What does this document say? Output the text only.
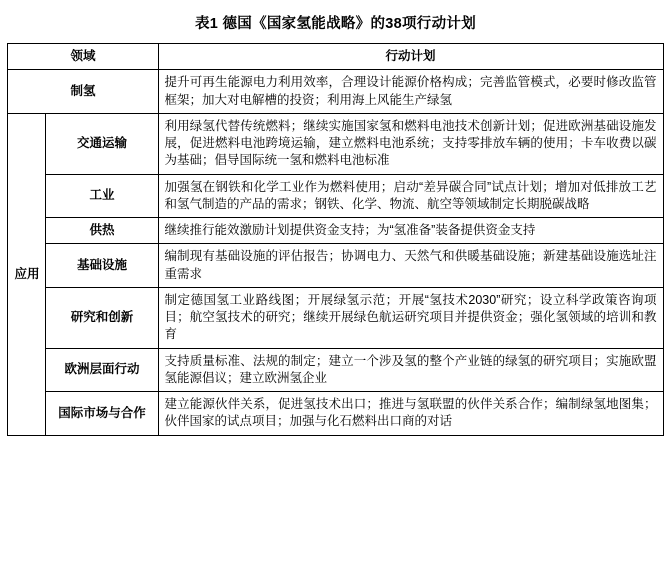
表1 德国《国家氢能战略》的38项行动计划
领域		行动计划
制氢		提升可再生能源电力利用效率，合理设计能源价格构成；完善监管模式，必要时修改监管框架；加大对电解槽的投资；利用海上风能生产绿氢
应用	交通运输	利用绿氢代替传统燃料；继续实施国家氢和燃料电池技术创新计划；促进欧洲基础设施发展，促进燃料电池跨境运输，建立燃料电池系统；支持零排放车辆的使用；卡车收费以碳为基础；倡导国际统一氢和燃料电池标准
	工业	加强氢在钢铁和化学工业作为燃料使用；启动“差异碳合同”试点计划；增加对低排放工艺和氢气制造的产品的需求；钢铁、化学、物流、航空等领域制定长期脱碳战略
	供热	继续推行能效激励计划提供资金支持；为“氢准备”装备提供资金支持
	基础设施	编制现有基础设施的评估报告；协调电力、天然气和供暖基础设施；新建基础设施选址注重需求
	研究和创新	制定德国氢工业路线图；开展绿氢示范；开展“氢技术2030”研究；设立科学政策咨询项目；航空氢技术的研究；继续开展绿色航运研究项目并提供资金；强化氢领域的培训和教育
	欧洲层面行动	支持质量标准、法规的制定；建立一个涉及氢的整个产业链的绿氢的研究项目；实施欧盟氢能源倡议；建立欧洲氢企业
	国际市场与合作	建立能源伙伴关系，促进氢技术出口；推进与氢联盟的伙伴关系合作；编制绿氢地图集；伙伴国家的试点项目；加强与化石燃料出口商的对话
